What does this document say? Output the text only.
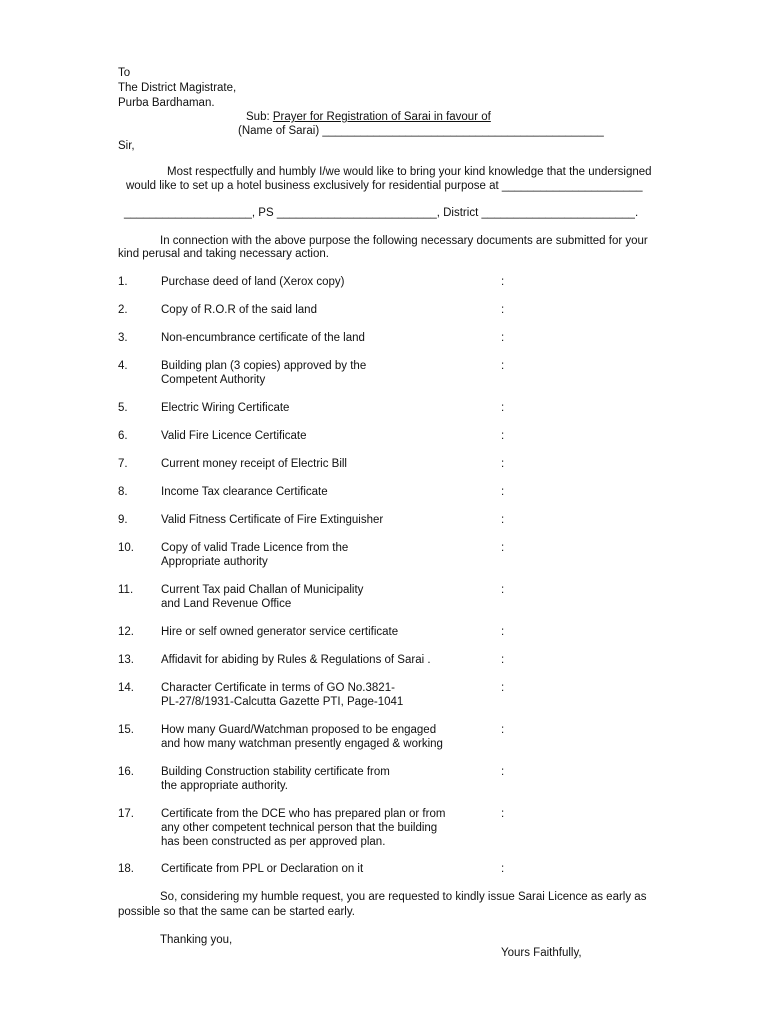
To
The District Magistrate,
Purba Bardhaman.
Sub: Prayer for Registration of Sarai in favour of
(Name of Sarai) ____________________________________________
Sir,
Most respectfully and humbly I/we would like to bring your kind knowledge that the undersigned
would like to set up a hotel business exclusively for residential purpose at ______________________
____________________, PS _________________________, District ________________________.
In connection with the above purpose the following necessary documents are submitted for your
kind perusal and taking necessary action.
1.	Purchase deed of land (Xerox copy)	:
2.	Copy of R.O.R of the said land	:
3.	Non-encumbrance certificate of the land	:
4.	Building plan (3 copies) approved by the
Competent Authority
:
5.	Electric Wiring Certificate	:
6.	Valid Fire Licence Certificate	:
7.	Current money receipt of Electric Bill	:
8.	Income Tax clearance Certificate	:
9.	Valid Fitness Certificate of Fire Extinguisher	:
10. Copy of valid Trade Licence from the
Appropriate authority
:
11. Current Tax paid Challan of Municipality
and Land Revenue Office
:
12. Hire or self owned generator service certificate	:
13. Affidavit for abiding by Rules & Regulations of Sarai .	:
14. Character Certificate in terms of GO No.3821-
PL-27/8/1931-Calcutta Gazette PTI, Page-1041
:
15. How many Guard/Watchman proposed to be engaged
and how many watchman presently engaged & working
:
16. Building Construction stability certificate from
the appropriate authority.
:
17. Certificate from the DCE who has prepared plan or from
any other competent technical person that the building
has been constructed as per approved plan.
:
18. Certificate from PPL or Declaration on it	:
So, considering my humble request, you are requested to kindly issue Sarai Licence as early as
possible so that the same can be started early.
Thanking you,
Yours Faithfully,
